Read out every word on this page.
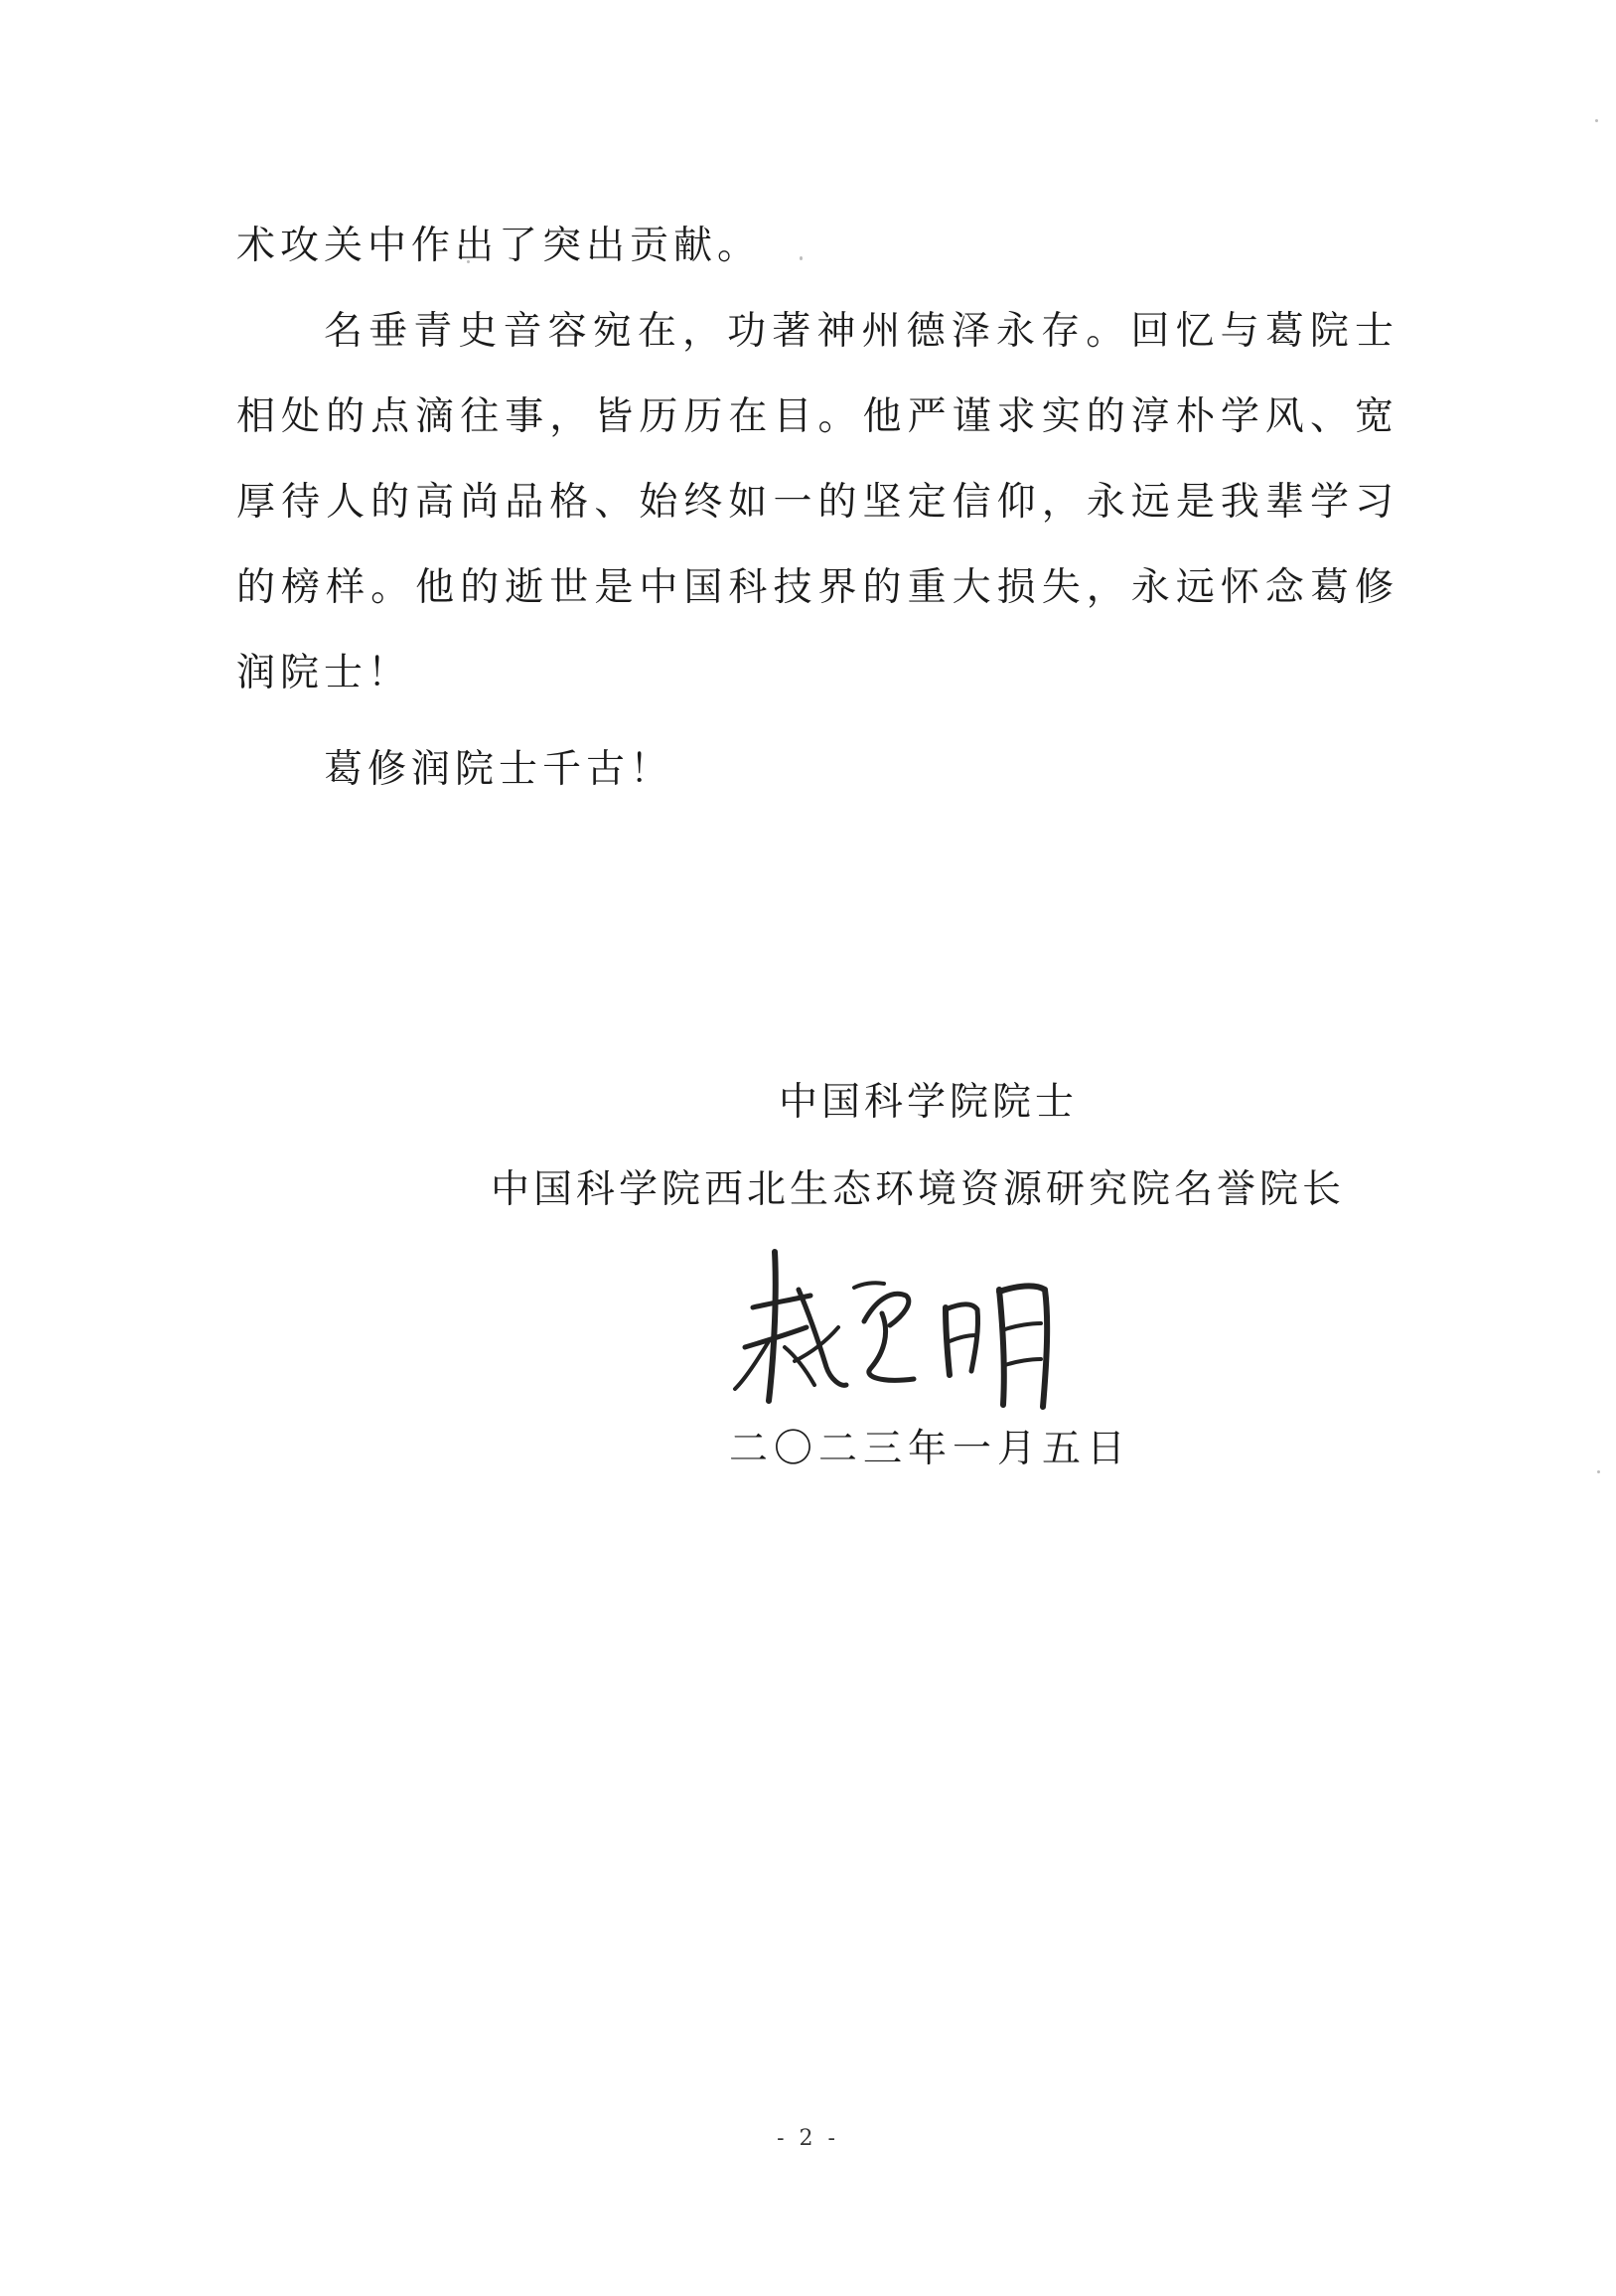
术攻关中作出了突出贡献。

名垂青史音容宛在，功著神州德泽永存。回忆与葛院士相处的点滴往事，皆历历在目。他严谨求实的淳朴学风、宽厚待人的高尚品格、始终如一的坚定信仰，永远是我辈学习的榜样。他的逝世是中国科技界的重大损失，永远怀念葛修润院士！

葛修润院士千古！

中国科学院院士

中国科学院西北生态环境资源研究院名誉院长

二〇二三年一月五日

- 2 -
